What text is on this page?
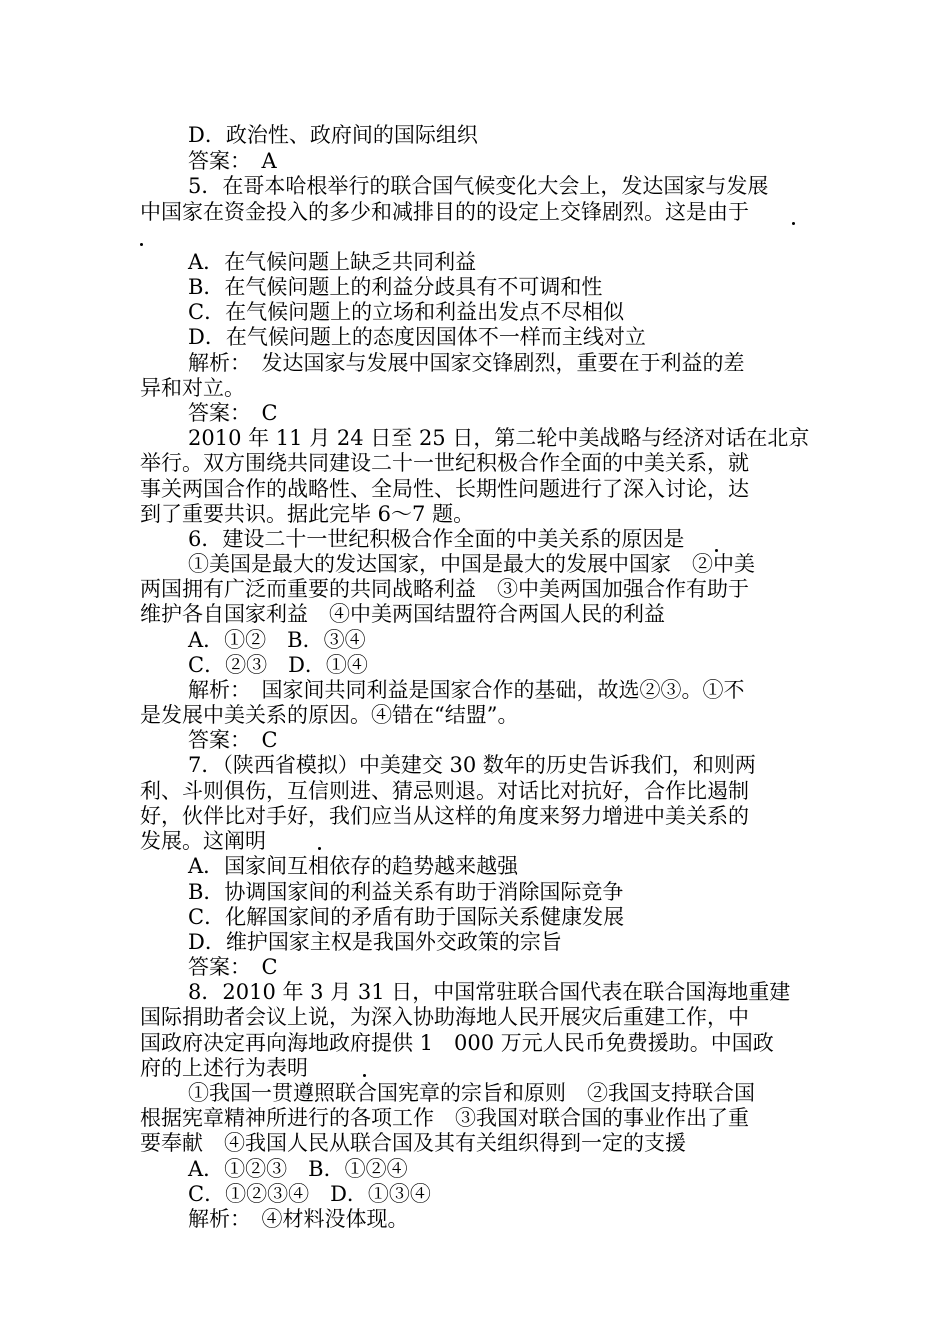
D．政治性、政府间的国际组织
答案：　A
5．在哥本哈根举行的联合国气候变化大会上，发达国家与发展
中国家在资金投入的多少和减排目的的设定上交锋剧烈。这是由于
A．在气候问题上缺乏共同利益
B．在气候问题上的利益分歧具有不可调和性
C．在气候问题上的立场和利益出发点不尽相似
D．在气候问题上的态度因国体不一样而主线对立
解析：　发达国家与发展中国家交锋剧烈，重要在于利益的差
异和对立。
答案：　C
2010 年 11 月 24 日至 25 日，第二轮中美战略与经济对话在北京
举行。双方围绕共同建设二十一世纪积极合作全面的中美关系，就
事关两国合作的战略性、全局性、长期性问题进行了深入讨论，达
到了重要共识。据此完毕 6～7 题。
6．建设二十一世纪积极合作全面的中美关系的原因是
①美国是最大的发达国家，中国是最大的发展中国家　②中美
两国拥有广泛而重要的共同战略利益　③中美两国加强合作有助于
维护各自国家利益　④中美两国结盟符合两国人民的利益
A．①②　B．③④
C．②③　D．①④
解析：　国家间共同利益是国家合作的基础，故选②③。①不
是发展中美关系的原因。④错在“结盟”。
答案：　C
7．（陕西省模拟）中美建交 30 数年的历史告诉我们，和则两
利、斗则俱伤，互信则进、猜忌则退。对话比对抗好，合作比遏制
好，伙伴比对手好，我们应当从这样的角度来努力增进中美关系的
发展。这阐明
A．国家间互相依存的趋势越来越强
B．协调国家间的利益关系有助于消除国际竞争
C．化解国家间的矛盾有助于国际关系健康发展
D．维护国家主权是我国外交政策的宗旨
答案：　C
8．2010 年 3 月 31 日，中国常驻联合国代表在联合国海地重建
国际捐助者会议上说，为深入协助海地人民开展灾后重建工作，中
国政府决定再向海地政府提供 1　000 万元人民币免费援助。中国政
府的上述行为表明
①我国一贯遵照联合国宪章的宗旨和原则　②我国支持联合国
根据宪章精神所进行的各项工作　③我国对联合国的事业作出了重
要奉献　④我国人民从联合国及其有关组织得到一定的支援
A．①②③　B．①②④
C．①②③④　D．①③④
解析：　④材料没体现。
